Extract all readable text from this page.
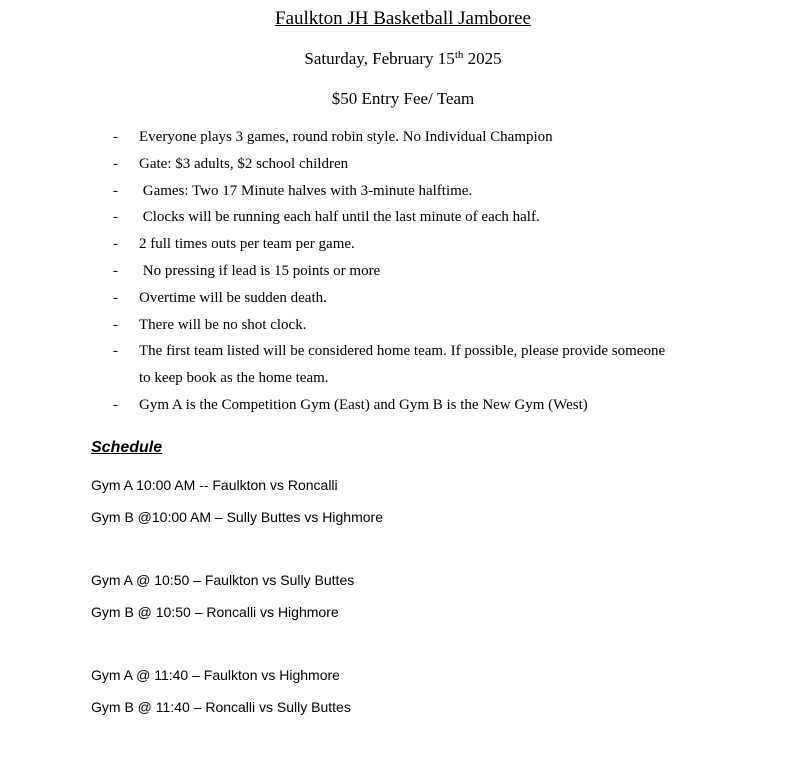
Faulkton JH Basketball Jamboree
Saturday, February 15th 2025
$50 Entry Fee/ Team
- Everyone plays 3 games, round robin style. No Individual Champion
- Gate: $3 adults, $2 school children
- Games: Two 17 Minute halves with 3-minute halftime.
- Clocks will be running each half until the last minute of each half.
- 2 full times outs per team per game.
- No pressing if lead is 15 points or more
- Overtime will be sudden death.
- There will be no shot clock.
- The first team listed will be considered home team. If possible, please provide someone
to keep book as the home team.
- Gym A is the Competition Gym (East) and Gym B is the New Gym (West)
Schedule
Gym A 10:00 AM -- Faulkton vs Roncalli
Gym B @10:00 AM – Sully Buttes vs Highmore
Gym A @ 10:50 – Faulkton vs Sully Buttes
Gym B @ 10:50 – Roncalli vs Highmore
Gym A @ 11:40 – Faulkton vs Highmore
Gym B @ 11:40 – Roncalli vs Sully Buttes
